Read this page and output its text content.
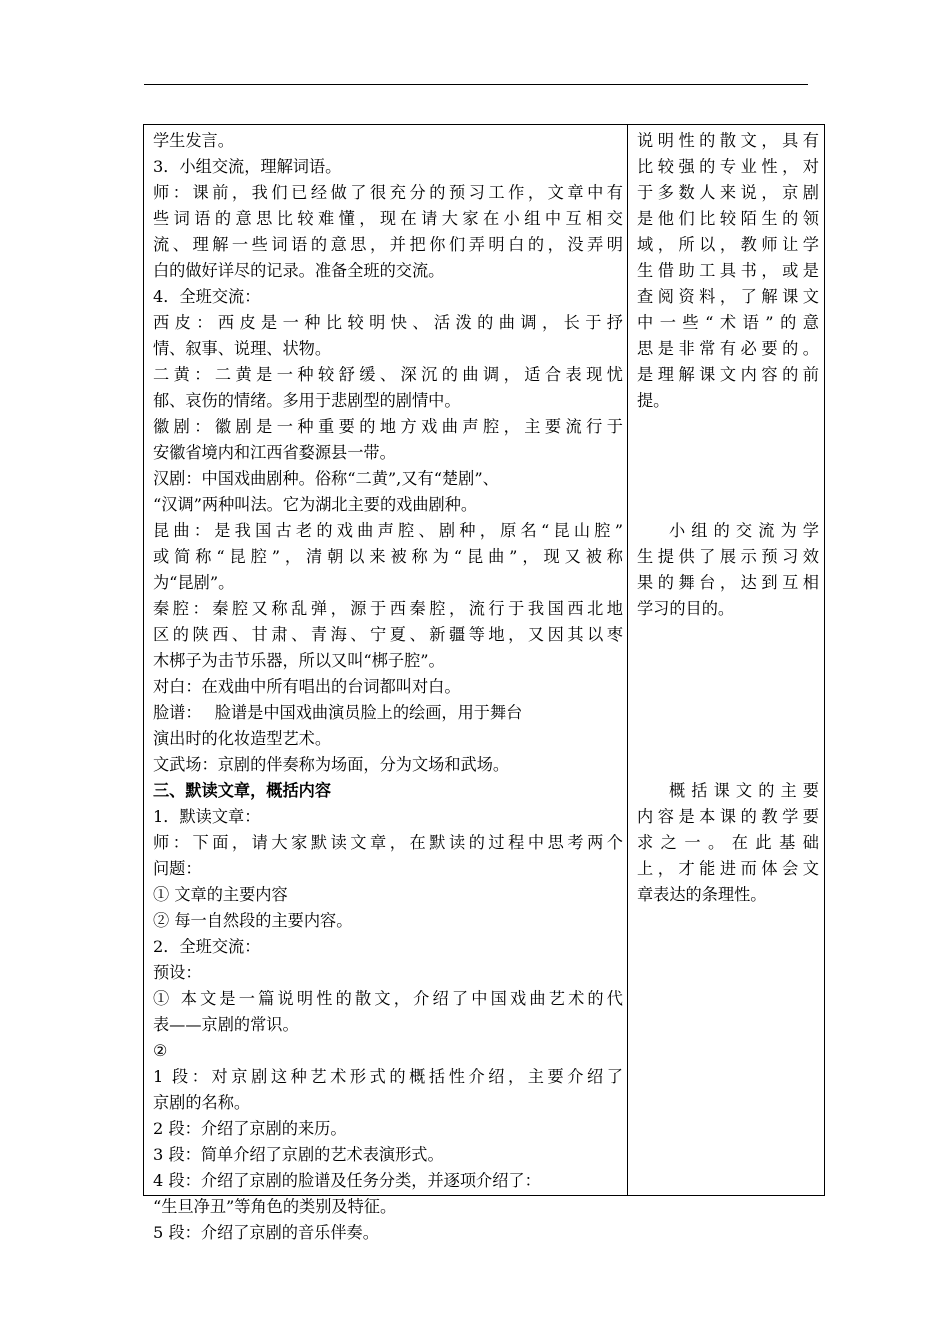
学生发言。
3．小组交流，理解词语。
师：课前，我们已经做了很充分的预习工作，文章中有
些词语的意思比较难懂，现在请大家在小组中互相交
流、理解一些词语的意思，并把你们弄明白的，没弄明
白的做好详尽的记录。准备全班的交流。
4．全班交流：
西皮：西皮是一种比较明快、活泼的曲调，长于抒
情、叙事、说理、状物。
二黄：二黄是一种较舒缓、深沉的曲调，适合表现忧
郁、哀伤的情绪。多用于悲剧型的剧情中。
徽剧：徽剧是一种重要的地方戏曲声腔，主要流行于
安徽省境内和江西省婺源县一带。
汉剧：中国戏曲剧种。俗称“二黄”,又有“楚剧”、
“汉调”两种叫法。它为湖北主要的戏曲剧种。
昆曲：是我国古老的戏曲声腔、剧种，原名“昆山腔”
或简称“昆腔”，清朝以来被称为“昆曲”，现又被称
为“昆剧”。
秦腔：秦腔又称乱弹，源于西秦腔，流行于我国西北地
区的陕西、甘肃、青海、宁夏、新疆等地，又因其以枣
木梆子为击节乐器，所以又叫“梆子腔”。
对白：在戏曲中所有唱出的台词都叫对白。
脸谱：　 脸谱是中国戏曲演员脸上的绘画，用于舞台
演出时的化妆造型艺术。
文武场：京剧的伴奏称为场面，分为文场和武场。
三、默读文章，概括内容
1．默读文章：
师：下面，请大家默读文章，在默读的过程中思考两个
问题：
① 文章的主要内容
② 每一自然段的主要内容。
2．全班交流：
预设：
① 本文是一篇说明性的散文，介绍了中国戏曲艺术的代
表——京剧的常识。
②
1 段：对京剧这种艺术形式的概括性介绍，主要介绍了
京剧的名称。
2 段：介绍了京剧的来历。
3 段：简单介绍了京剧的艺术表演形式。
4 段：介绍了京剧的脸谱及任务分类，并逐项介绍了：
“生旦净丑”等角色的类别及特征。
5 段：介绍了京剧的音乐伴奏。
说明性的散文，具有
比较强的专业性，对
于多数人来说，京剧
是他们比较陌生的领
域，所以，教师让学
生借助工具书，或是
查阅资料，了解课文
中一些“术语”的意
思是非常有必要的。
是理解课文内容的前
提。
小组的交流为学
生提供了展示预习效
果的舞台，达到互相
学习的目的。
概括课文的主要
内容是本课的教学要
求之一。在此基础
上，才能进而体会文
章表达的条理性。
